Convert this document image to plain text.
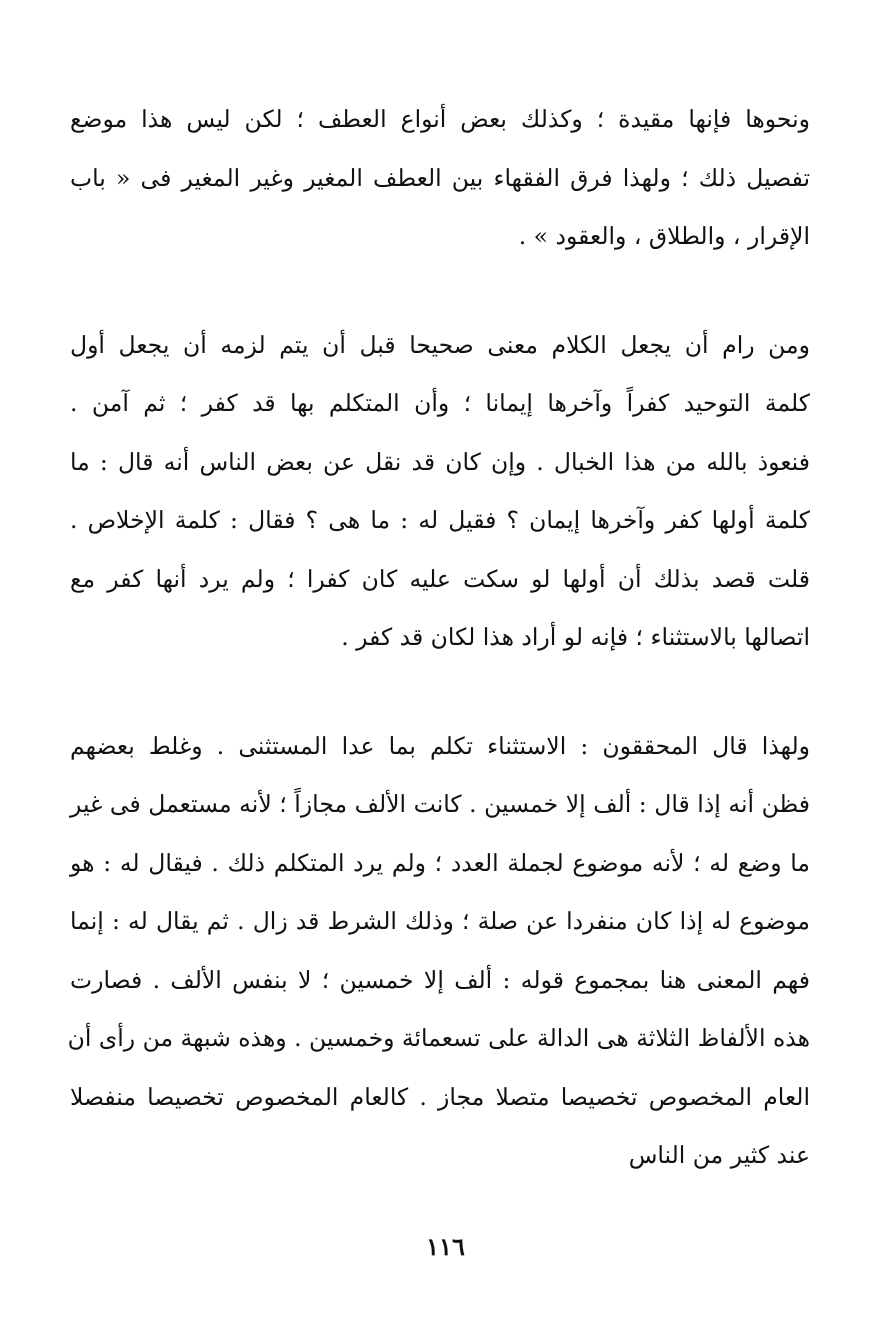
ونحوها فإنها مقيدة ؛ وكذلك بعض أنواع العطف ؛ لكن ليس هذا موضع
تفصيل ذلك ؛ ولهذا فرق الفقهاء بين العطف المغير وغير المغير فى « باب
الإقرار ، والطلاق ، والعقود » .

ومن رام أن يجعل الكلام معنى صحيحا قبل أن يتم لزمه أن يجعل أول
كلمة التوحيد كفراً وآخرها إيمانا ؛ وأن المتكلم بها قد كفر ؛ ثم آمن .
فنعوذ بالله من هذا الخبال . وإن كان قد نقل عن بعض الناس أنه قال : ما
كلمة أولها كفر وآخرها إيمان ؟ فقيل له : ما هى ؟ فقال : كلمة الإخلاص .
قلت قصد بذلك أن أولها لو سكت عليه كان كفرا ؛ ولم يرد أنها كفر مع
اتصالها بالاستثناء ؛ فإنه لو أراد هذا لكان قد كفر .

ولهذا قال المحققون : الاستثناء تكلم بما عدا المستثنى . وغلط بعضهم
فظن أنه إذا قال : ألف إلا خمسين . كانت الألف مجازاً ؛ لأنه مستعمل فى غير
ما وضع له ؛ لأنه موضوع لجملة العدد ؛ ولم يرد المتكلم ذلك . فيقال له : هو
موضوع له إذا كان منفردا عن صلة ؛ وذلك الشرط قد زال . ثم يقال له : إنما
فهم المعنى هنا بمجموع قوله : ألف إلا خمسين ؛ لا بنفس الألف . فصارت
هذه الألفاظ الثلاثة هى الدالة على تسعمائة وخمسين . وهذه شبهة من رأى أن
العام المخصوص تخصيصا متصلا مجاز . كالعام المخصوص تخصيصا منفصلا
عند كثير من الناس

١١٦
